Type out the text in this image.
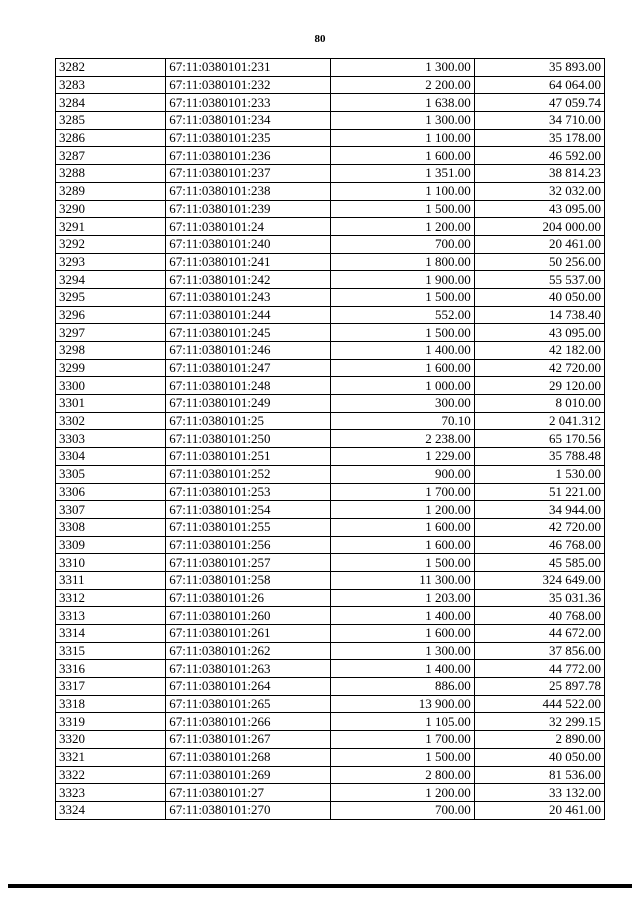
80
3282	67:11:0380101:231	1 300.00	35 893.00
3283	67:11:0380101:232	2 200.00	64 064.00
3284	67:11:0380101:233	1 638.00	47 059.74
3285	67:11:0380101:234	1 300.00	34 710.00
3286	67:11:0380101:235	1 100.00	35 178.00
3287	67:11:0380101:236	1 600.00	46 592.00
3288	67:11:0380101:237	1 351.00	38 814.23
3289	67:11:0380101:238	1 100.00	32 032.00
3290	67:11:0380101:239	1 500.00	43 095.00
3291	67:11:0380101:24	1 200.00	204 000.00
3292	67:11:0380101:240	700.00	20 461.00
3293	67:11:0380101:241	1 800.00	50 256.00
3294	67:11:0380101:242	1 900.00	55 537.00
3295	67:11:0380101:243	1 500.00	40 050.00
3296	67:11:0380101:244	552.00	14 738.40
3297	67:11:0380101:245	1 500.00	43 095.00
3298	67:11:0380101:246	1 400.00	42 182.00
3299	67:11:0380101:247	1 600.00	42 720.00
3300	67:11:0380101:248	1 000.00	29 120.00
3301	67:11:0380101:249	300.00	8 010.00
3302	67:11:0380101:25	70.10	2 041.312
3303	67:11:0380101:250	2 238.00	65 170.56
3304	67:11:0380101:251	1 229.00	35 788.48
3305	67:11:0380101:252	900.00	1 530.00
3306	67:11:0380101:253	1 700.00	51 221.00
3307	67:11:0380101:254	1 200.00	34 944.00
3308	67:11:0380101:255	1 600.00	42 720.00
3309	67:11:0380101:256	1 600.00	46 768.00
3310	67:11:0380101:257	1 500.00	45 585.00
3311	67:11:0380101:258	11 300.00	324 649.00
3312	67:11:0380101:26	1 203.00	35 031.36
3313	67:11:0380101:260	1 400.00	40 768.00
3314	67:11:0380101:261	1 600.00	44 672.00
3315	67:11:0380101:262	1 300.00	37 856.00
3316	67:11:0380101:263	1 400.00	44 772.00
3317	67:11:0380101:264	886.00	25 897.78
3318	67:11:0380101:265	13 900.00	444 522.00
3319	67:11:0380101:266	1 105.00	32 299.15
3320	67:11:0380101:267	1 700.00	2 890.00
3321	67:11:0380101:268	1 500.00	40 050.00
3322	67:11:0380101:269	2 800.00	81 536.00
3323	67:11:0380101:27	1 200.00	33 132.00
3324	67:11:0380101:270	700.00	20 461.00
